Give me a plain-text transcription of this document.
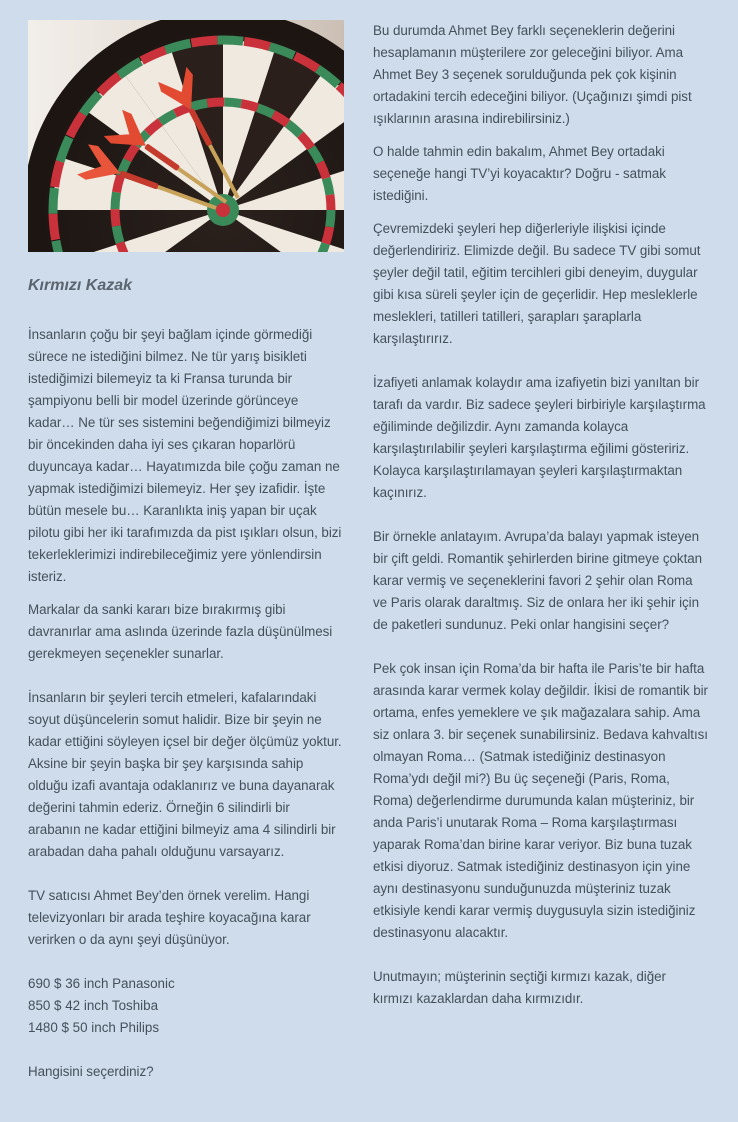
Kırmızı Kazak

İnsanların çoğu bir şeyi bağlam içinde görmediği sürece ne istediğini bilmez. Ne tür yarış bisikleti istediğimizi bilemeyiz ta ki Fransa turunda bir şampiyonu belli bir model üzerinde görünceye kadar… Ne tür ses sistemini beğendiğimizi bilmeyiz bir öncekinden daha iyi ses çıkaran hoparlörü duyuncaya kadar… Hayatımızda bile çoğu zaman ne yapmak istediğimizi bilemeyiz. Her şey izafidir. İşte bütün mesele bu… Karanlıkta iniş yapan bir uçak pilotu gibi her iki tarafımızda da pist ışıkları olsun, bizi tekerleklerimizi indirebileceğimiz yere yönlendirsin isteriz.

Markalar da sanki kararı bize bırakırmış gibi davranırlar ama aslında üzerinde fazla düşünülmesi gerekmeyen seçenekler sunarlar.

İnsanların bir şeyleri tercih etmeleri, kafalarındaki soyut düşüncelerin somut halidir. Bize bir şeyin ne kadar ettiğini söyleyen içsel bir değer ölçümüz yoktur. Aksine bir şeyin başka bir şey karşısında sahip olduğu izafi avantaja odaklanırız ve buna dayanarak değerini tahmin ederiz. Örneğin 6 silindirli bir arabanın ne kadar ettiğini bilmeyiz ama 4 silindirli bir arabadan daha pahalı olduğunu varsayarız.

TV satıcısı Ahmet Bey’den örnek verelim. Hangi televizyonları bir arada teşhire koyacağına karar verirken o da aynı şeyi düşünüyor.

690 $ 36 inch Panasonic
850 $ 42 inch Toshiba
1480 $ 50 inch Philips

Hangisini seçerdiniz?

Bu durumda Ahmet Bey farklı seçeneklerin değerini hesaplamanın müşterilere zor geleceğini biliyor. Ama Ahmet Bey 3 seçenek sorulduğunda pek çok kişinin ortadakini tercih edeceğini biliyor. (Uçağınızı şimdi pist ışıklarının arasına indirebilirsiniz.)

O halde tahmin edin bakalım, Ahmet Bey ortadaki seçeneğe hangi TV’yi koyacaktır? Doğru - satmak istediğini.

Çevremizdeki şeyleri hep diğerleriyle ilişkisi içinde değerlendiririz. Elimizde değil. Bu sadece TV gibi somut şeyler değil tatil, eğitim tercihleri gibi deneyim, duygular gibi kısa süreli şeyler için de geçerlidir. Hep mesleklerle meslekleri, tatilleri tatilleri, şarapları şaraplarla karşılaştırırız.

İzafiyeti anlamak kolaydır ama izafiyetin bizi yanıltan bir tarafı da vardır. Biz sadece şeyleri birbiriyle karşılaştırma eğiliminde değilizdir. Aynı zamanda kolayca karşılaştırılabilir şeyleri karşılaştırma eğilimi gösteririz. Kolayca karşılaştırılamayan şeyleri karşılaştırmaktan kaçınırız.

Bir örnekle anlatayım. Avrupa’da balayı yapmak isteyen bir çift geldi. Romantik şehirlerden birine gitmeye çoktan karar vermiş ve seçeneklerini favori 2 şehir olan Roma ve Paris olarak daraltmış. Siz de onlara her iki şehir için de paketleri sundunuz. Peki onlar hangisini seçer?

Pek çok insan için Roma’da bir hafta ile Paris’te bir hafta arasında karar vermek kolay değildir. İkisi de romantik bir ortama, enfes yemeklere ve şık mağazalara sahip. Ama siz onlara 3. bir seçenek sunabilirsiniz. Bedava kahvaltısı olmayan Roma… (Satmak istediğiniz destinasyon Roma’ydı değil mi?) Bu üç seçeneği (Paris, Roma, Roma) değerlendirme durumunda kalan müşteriniz, bir anda Paris’i unutarak Roma – Roma karşılaştırması yaparak Roma’dan birine karar veriyor. Biz buna tuzak etkisi diyoruz. Satmak istediğiniz destinasyon için yine aynı destinasyonu sunduğunuzda müşteriniz tuzak etkisiyle kendi karar vermiş duygusuyla sizin istediğiniz destinasyonu alacaktır.

Unutmayın; müşterinin seçtiği kırmızı kazak, diğer kırmızı kazaklardan daha kırmızıdır.
